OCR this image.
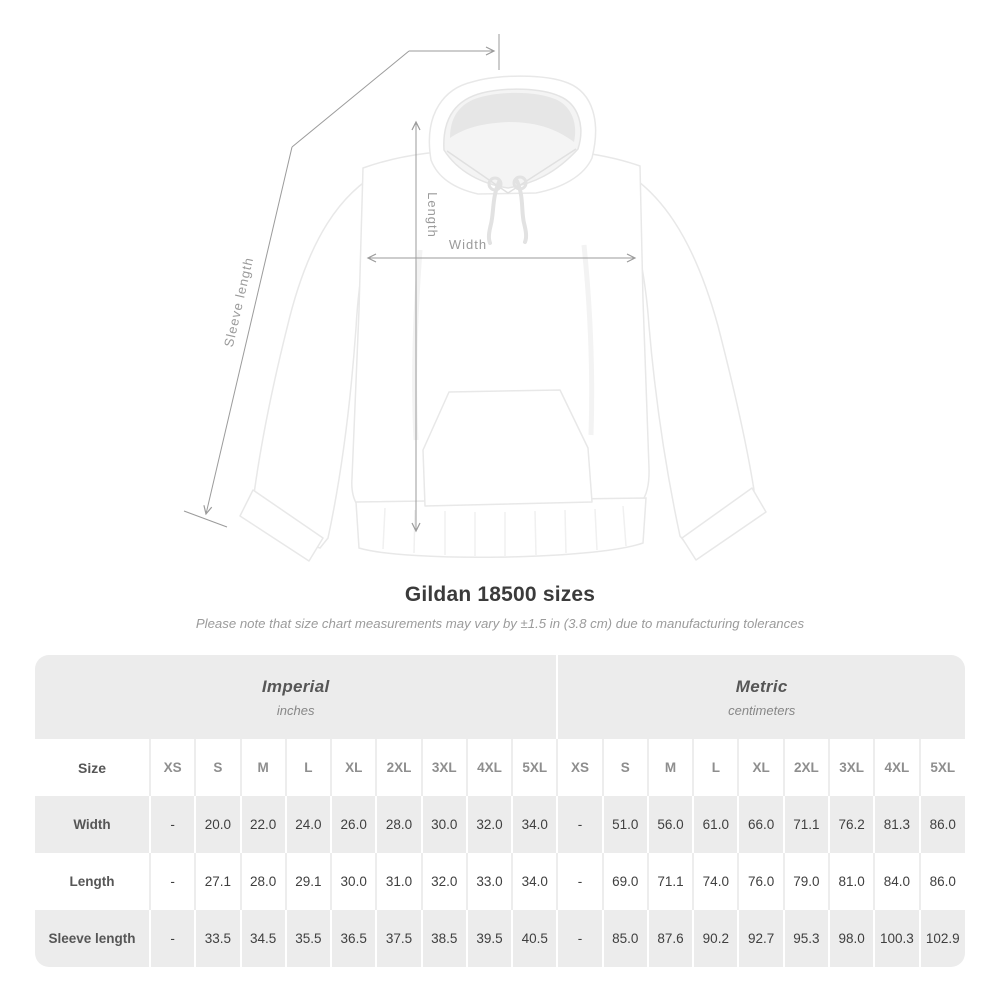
Sleeve length
Length
Width
Gildan 18500 sizes

Please note that size chart measurements may vary by ±1.5 in (3.8 cm) due to manufacturing tolerances

Imperial
inches

Metric
centimeters

Size	XS	S	M	L	XL	2XL	3XL	4XL	5XL	XS	S	M	L	XL	2XL	3XL	4XL	5XL
Width	-	20.0	22.0	24.0	26.0	28.0	30.0	32.0	34.0	-	51.0	56.0	61.0	66.0	71.1	76.2	81.3	86.0
Length	-	27.1	28.0	29.1	30.0	31.0	32.0	33.0	34.0	-	69.0	71.1	74.0	76.0	79.0	81.0	84.0	86.0
Sleeve length	-	33.5	34.5	35.5	36.5	37.5	38.5	39.5	40.5	-	85.0	87.6	90.2	92.7	95.3	98.0	100.3	102.9
